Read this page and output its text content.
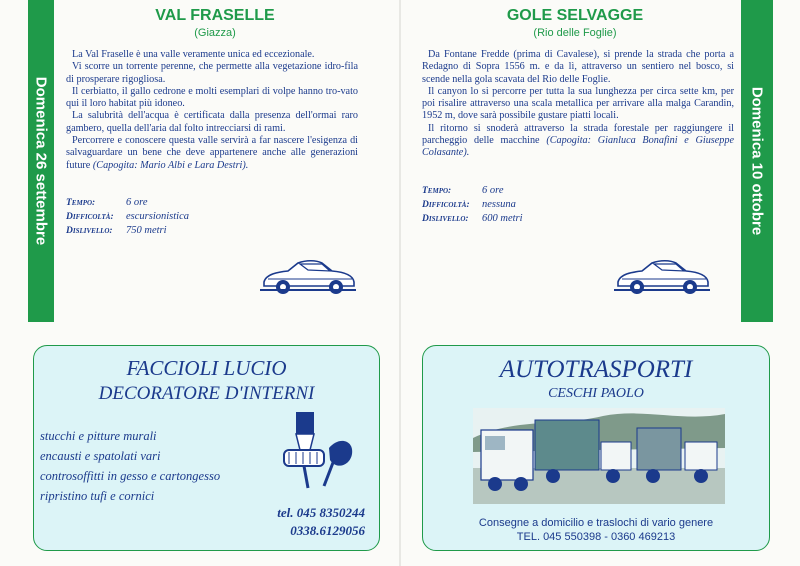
Domenica 26 settembre
VAL FRASELLE
(Giazza)

La Val Fraselle è una valle veramente unica ed eccezionale.

Vi scorre un torrente perenne, che permette alla vegetazione idro-fila di prosperare rigogliosa.

Il cerbiatto, il gallo cedrone e molti esemplari di volpe hanno tro-vato qui il loro habitat più idoneo.

La salubrità dell'acqua è certificata dalla presenza dell'ormai raro gambero, quella dell'aria dal folto intrecciarsi di rami.

Percorrere e conoscere questa valle servirà a far nascere l'esigenza di salvaguardare un bene che deve appartenere anche alle generazioni future (Capogita: Mario Albi e Lara Destri).

Tempo:	6 ore
Difficoltà: escursionistica
Dislivello: 750 metri	Domenica 10 ottobre
GOLE SELVAGGE
(Rio delle Foglie)

Da Fontane Fredde (prima di Cavalese), si prende la strada che porta a Redagno di Sopra 1556 m. e da lì, attraverso un sentiero nel bosco, si scende nella gola scavata del Rio delle Foglie.

Il canyon lo si percorre per tutta la sua lunghezza per circa sette km, per poi risalire attraverso una scala metallica per arrivare alla malga Carandin, 1952 m, dove sarà possibile gustare piatti locali.

Il ritorno si snoderà attraverso la strada forestale per raggiungere il parcheggio delle macchine (Capogita: Gianluca Bonafini e Giuseppe Colasante).

Tempo:	6 ore
Difficoltà: nessuna
Dislivello: 600 metri
FACCIOLI LUCIO
DECORATORE D'INTERNI
stucchi e pitture murali
encausti e spatolati vari
controsoffitti in gesso e cartongesso
ripristino tufi e cornici
tel. 045 8350244
0338.6129056
AUTOTRASPORTI
CESCHI PAOLO
Consegne a domicilio e traslochi di vario genere
TEL. 045 550398 - 0360 469213
